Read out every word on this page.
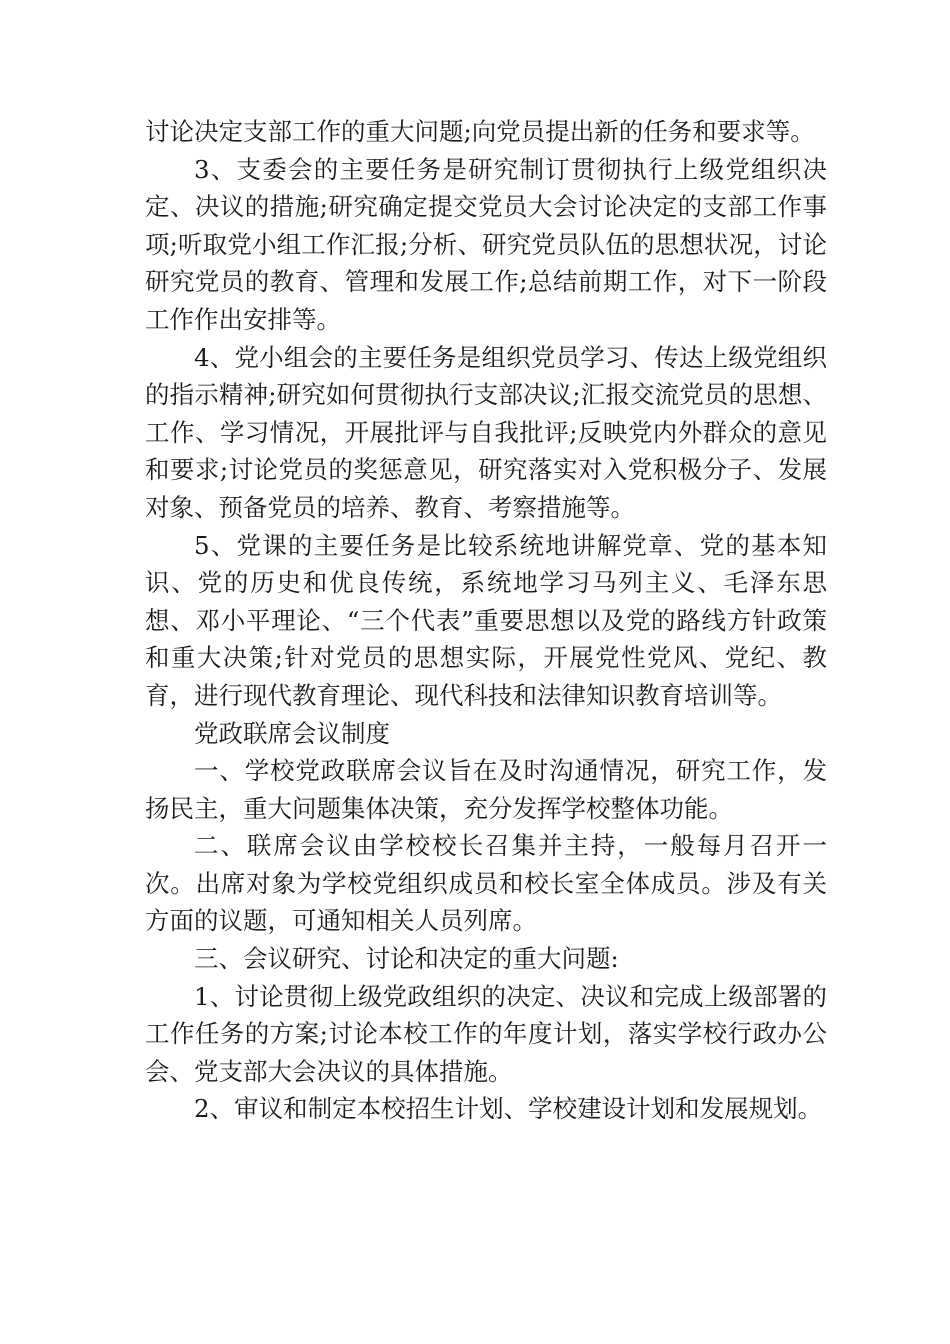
讨论决定支部工作的重大问题;向党员提出新的任务和要求等。

3、支委会的主要任务是研究制订贯彻执行上级党组织决定、决议的措施;研究确定提交党员大会讨论决定的支部工作事项;听取党小组工作汇报;分析、研究党员队伍的思想状况，讨论研究党员的教育、管理和发展工作;总结前期工作，对下一阶段工作作出安排等。

4、党小组会的主要任务是组织党员学习、传达上级党组织的指示精神;研究如何贯彻执行支部决议;汇报交流党员的思想、工作、学习情况，开展批评与自我批评;反映党内外群众的意见和要求;讨论党员的奖惩意见，研究落实对入党积极分子、发展对象、预备党员的培养、教育、考察措施等。

5、党课的主要任务是比较系统地讲解党章、党的基本知识、党的历史和优良传统，系统地学习马列主义、毛泽东思想、邓小平理论、“三个代表”重要思想以及党的路线方针政策和重大决策;针对党员的思想实际，开展党性党风、党纪、教育，进行现代教育理论、现代科技和法律知识教育培训等。

党政联席会议制度

一、学校党政联席会议旨在及时沟通情况，研究工作，发扬民主，重大问题集体决策，充分发挥学校整体功能。

二、联席会议由学校校长召集并主持，一般每月召开一次。出席对象为学校党组织成员和校长室全体成员。涉及有关方面的议题，可通知相关人员列席。

三、会议研究、讨论和决定的重大问题:

1、讨论贯彻上级党政组织的决定、决议和完成上级部署的工作任务的方案;讨论本校工作的年度计划，落实学校行政办公会、党支部大会决议的具体措施。

2、审议和制定本校招生计划、学校建设计划和发展规划。
